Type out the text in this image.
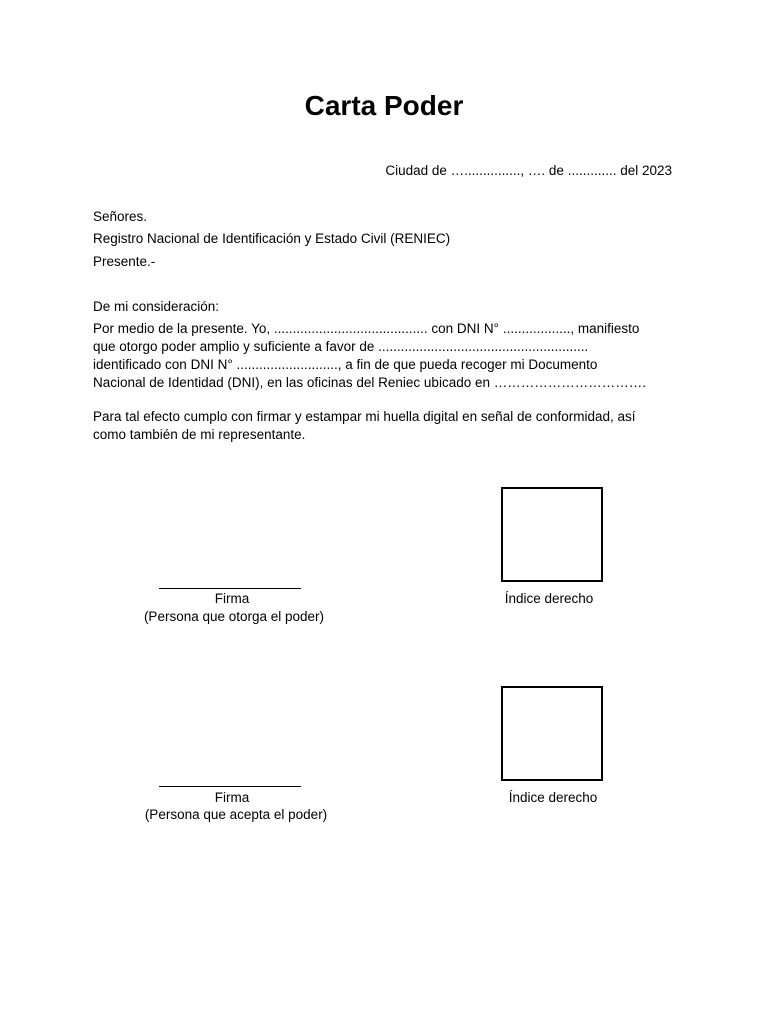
Carta Poder

Ciudad de …..............., …. de ............. del 2023

Señores.

Registro Nacional de Identificación y Estado Civil (RENIEC)

Presente.-

De mi consideración:

Por medio de la presente. Yo, ......................................... con DNI N° .................., manifiesto
que otorgo poder amplio y suficiente a favor de ........................................................
identificado con DNI N° ..........................., a fin de que pueda recoger mi Documento
Nacional de Identidad (DNI), en las oficinas del Reniec ubicado en …………………………….
Para tal efecto cumplo con firmar y estampar mi huella digital en señal de conformidad, así
como también de mi representante.

Firma

(Persona que otorga el poder)

Índice derecho

Firma

(Persona que acepta el poder)

Índice derecho
